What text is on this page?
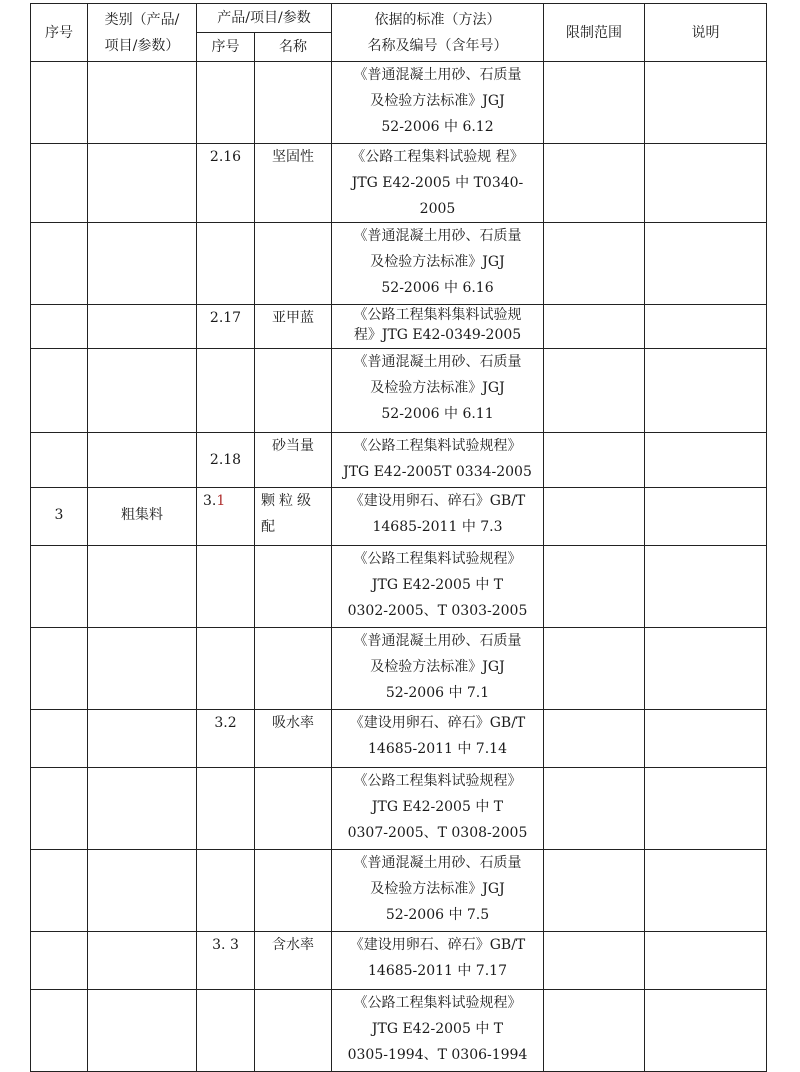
序号	类别（产品/
项目/参数）	产品/项目/参数		依据的标准（方法）
名称及编号（含年号）	限制范围	说明
		序号	名称			

				《普通混凝土用砂、石质量
及检验方法标准》JGJ
52-2006 中 6.12		

		2.16	坚固性	《公路工程集料试验规 程》
JTG E42-2005 中 T0340-2005		

				《普通混凝土用砂、石质量
及检验方法标准》JGJ
52-2006 中 6.16		

		2.17	亚甲蓝	《公路工程集料集料试验规
程》JTG E42-0349-2005		

				《普通混凝土用砂、石质量
及检验方法标准》JGJ
52-2006 中 6.11		

		2.18	砂当量	《公路工程集料试验规程》
JTG E42-2005T 0334-2005		

3	粗集料	3.1	颗粒级
配	《建设用卵石、碎石》GB/T
14685-2011 中 7.3		

				《公路工程集料试验规程》
JTG E42-2005 中 T
0302-2005、T 0303-2005		

				《普通混凝土用砂、石质量
及检验方法标准》JGJ
52-2006 中 7.1		

		3.2	吸水率	《建设用卵石、碎石》GB/T
14685-2011 中 7.14		

				《公路工程集料试验规程》
JTG E42-2005 中 T
0307-2005、T 0308-2005		

				《普通混凝土用砂、石质量
及检验方法标准》JGJ
52-2006 中 7.5		

		3. 3	含水率	《建设用卵石、碎石》GB/T
14685-2011 中 7.17		

				《公路工程集料试验规程》
JTG E42-2005 中 T
0305-1994、T 0306-1994		
